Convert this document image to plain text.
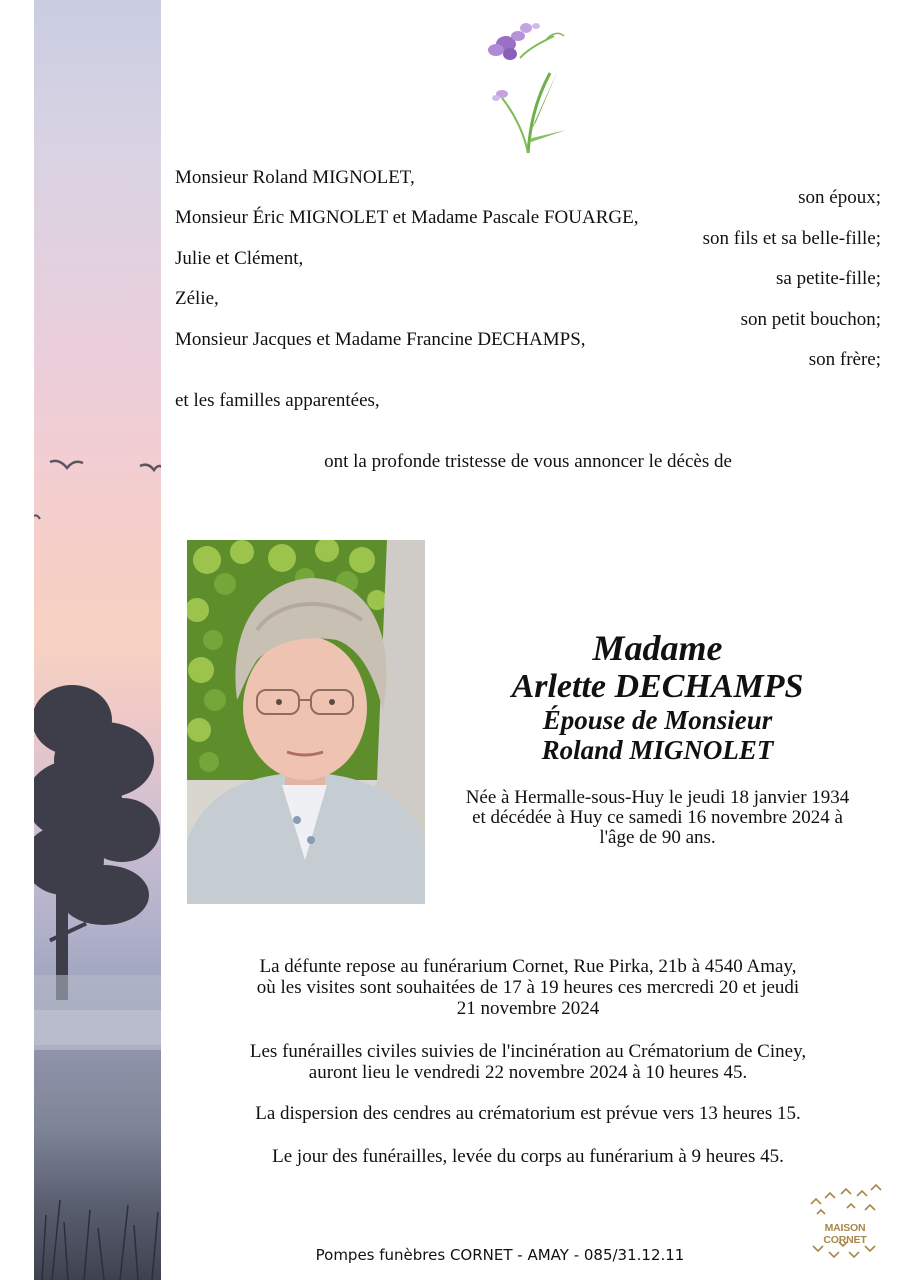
Monsieur Roland MIGNOLET,
son époux;
Monsieur Éric MIGNOLET et Madame Pascale FOUARGE,
son fils et sa belle-fille;
Julie et Clément,
sa petite-fille;
Zélie,
son petit bouchon;
Monsieur Jacques et Madame Francine DECHAMPS,
son frère;
et les familles apparentées,
ont la profonde tristesse de vous annoncer le décès de
Madame
Arlette DECHAMPS
Épouse de Monsieur
Roland MIGNOLET
Née à Hermalle-sous-Huy le jeudi 18 janvier 1934
et décédée à Huy ce samedi 16 novembre 2024 à
l'âge de 90 ans.
La défunte repose au funérarium Cornet, Rue Pirka, 21b à 4540 Amay,
où les visites sont souhaitées de 17 à 19 heures ces mercredi 20 et jeudi
21 novembre 2024
Les funérailles civiles suivies de l'incinération au Crématorium de Ciney,
auront lieu le vendredi 22 novembre 2024 à 10 heures 45.
La dispersion des cendres au crématorium est prévue vers 13 heures 15.
Le jour des funérailles, levée du corps au funérarium à 9 heures 45.
Pompes funèbres CORNET - AMAY - 085/31.12.11
MAISON CORNET
